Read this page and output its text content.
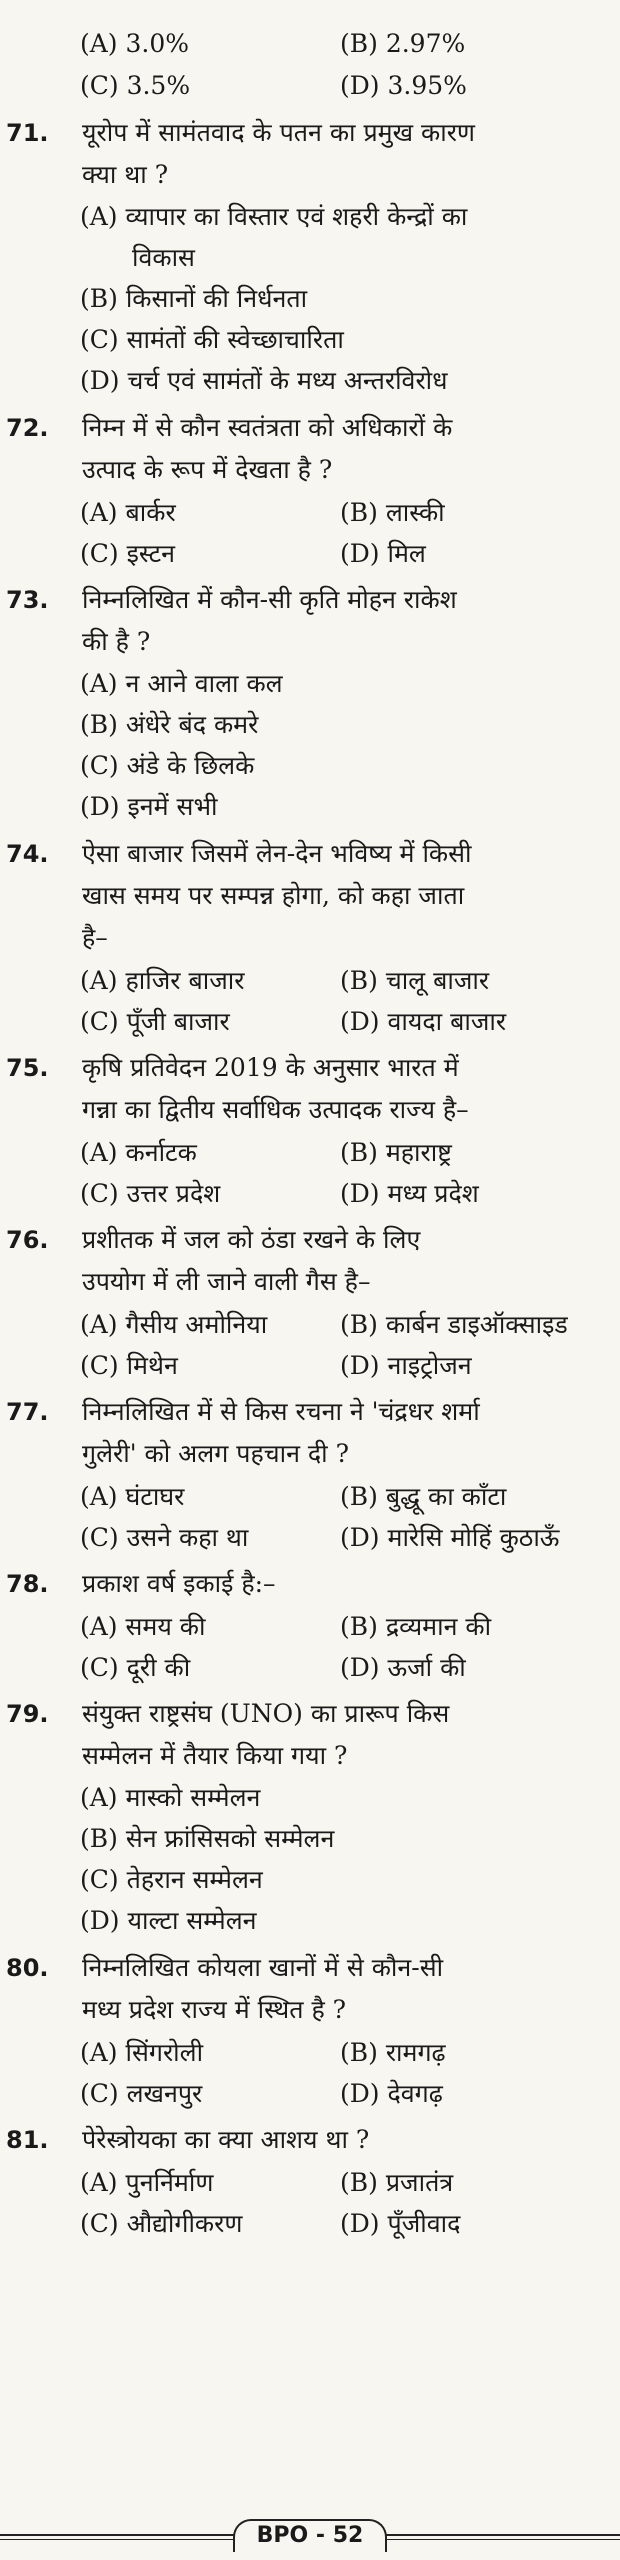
(A) 3.0%	(B) 2.97%
(C) 3.5%	(D) 3.95%
71.	यूरोप में सामंतवाद के पतन का प्रमुख कारण
क्या था ?
(A) व्यापार का विस्तार एवं शहरी केन्द्रों का
विकास
(B) किसानों की निर्धनता
(C) सामंतों की स्वेच्छाचारिता
(D) चर्च एवं सामंतों के मध्य अन्तरविरोध
72.	निम्न में से कौन स्वतंत्रता को अधिकारों के
उत्पाद के रूप में देखता है ?
(A) बार्कर	(B) लास्की
(C) इस्टन	(D) मिल
73.	निम्नलिखित में कौन-सी कृति मोहन राकेश
की है ?
(A) न आने वाला कल
(B) अंधेरे बंद कमरे
(C) अंडे के छिलके
(D) इनमें सभी
74.	ऐसा बाजार जिसमें लेन-देन भविष्य में किसी
खास समय पर सम्पन्न होगा, को कहा जाता
है–
(A) हाजिर बाजार	(B) चालू बाजार
(C) पूँजी बाजार	(D) वायदा बाजार
75.	कृषि प्रतिवेदन 2019 के अनुसार भारत में
गन्ना का द्वितीय सर्वाधिक उत्पादक राज्य है–
(A) कर्नाटक	(B) महाराष्ट्र
(C) उत्तर प्रदेश	(D) मध्य प्रदेश
76.	प्रशीतक में जल को ठंडा रखने के लिए
उपयोग में ली जाने वाली गैस है–
(A) गैसीय अमोनिया	(B) कार्बन डाइऑक्साइड
(C) मिथेन	(D) नाइट्रोजन
77.	निम्नलिखित में से किस रचना ने 'चंद्रधर शर्मा
गुलेरी' को अलग पहचान दी ?
(A) घंटाघर	(B) बुद्धू का काँटा
(C) उसने कहा था	(D) मारेसि मोहिं कुठाऊँ
78.	प्रकाश वर्ष इकाई है:–
(A) समय की	(B) द्रव्यमान की
(C) दूरी की	(D) ऊर्जा की
79.	संयुक्त राष्ट्रसंघ (UNO) का प्रारूप किस
सम्मेलन में तैयार किया गया ?
(A) मास्को सम्मेलन
(B) सेन फ्रांसिसको सम्मेलन
(C) तेहरान सम्मेलन
(D) याल्टा सम्मेलन
80.	निम्नलिखित कोयला खानों में से कौन-सी
मध्य प्रदेश राज्य में स्थित है ?
(A) सिंगरोली	(B) रामगढ़
(C) लखनपुर	(D) देवगढ़
81.	पेरेस्त्रोयका का क्या आशय था ?
(A) पुनर्निर्माण	(B) प्रजातंत्र
(C) औद्योगीकरण	(D) पूँजीवाद
BPO - 52
